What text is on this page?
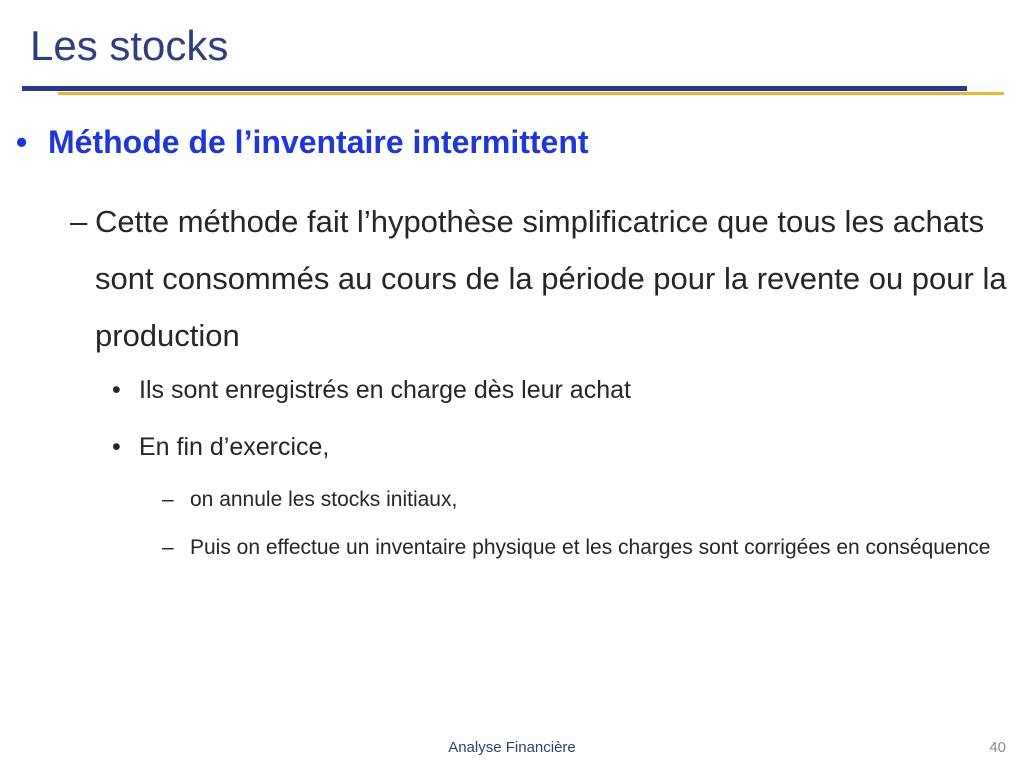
Les stocks
• Méthode de l’inventaire intermittent
– Cette méthode fait l’hypothèse simplificatrice que tous les achats sont consommés au cours de la période pour la revente ou pour la production
• Ils sont enregistrés en charge dès leur achat
• En fin d’exercice,
– on annule les stocks initiaux,
– Puis on effectue un inventaire physique et les charges sont corrigées en conséquence
Analyse Financière	40
